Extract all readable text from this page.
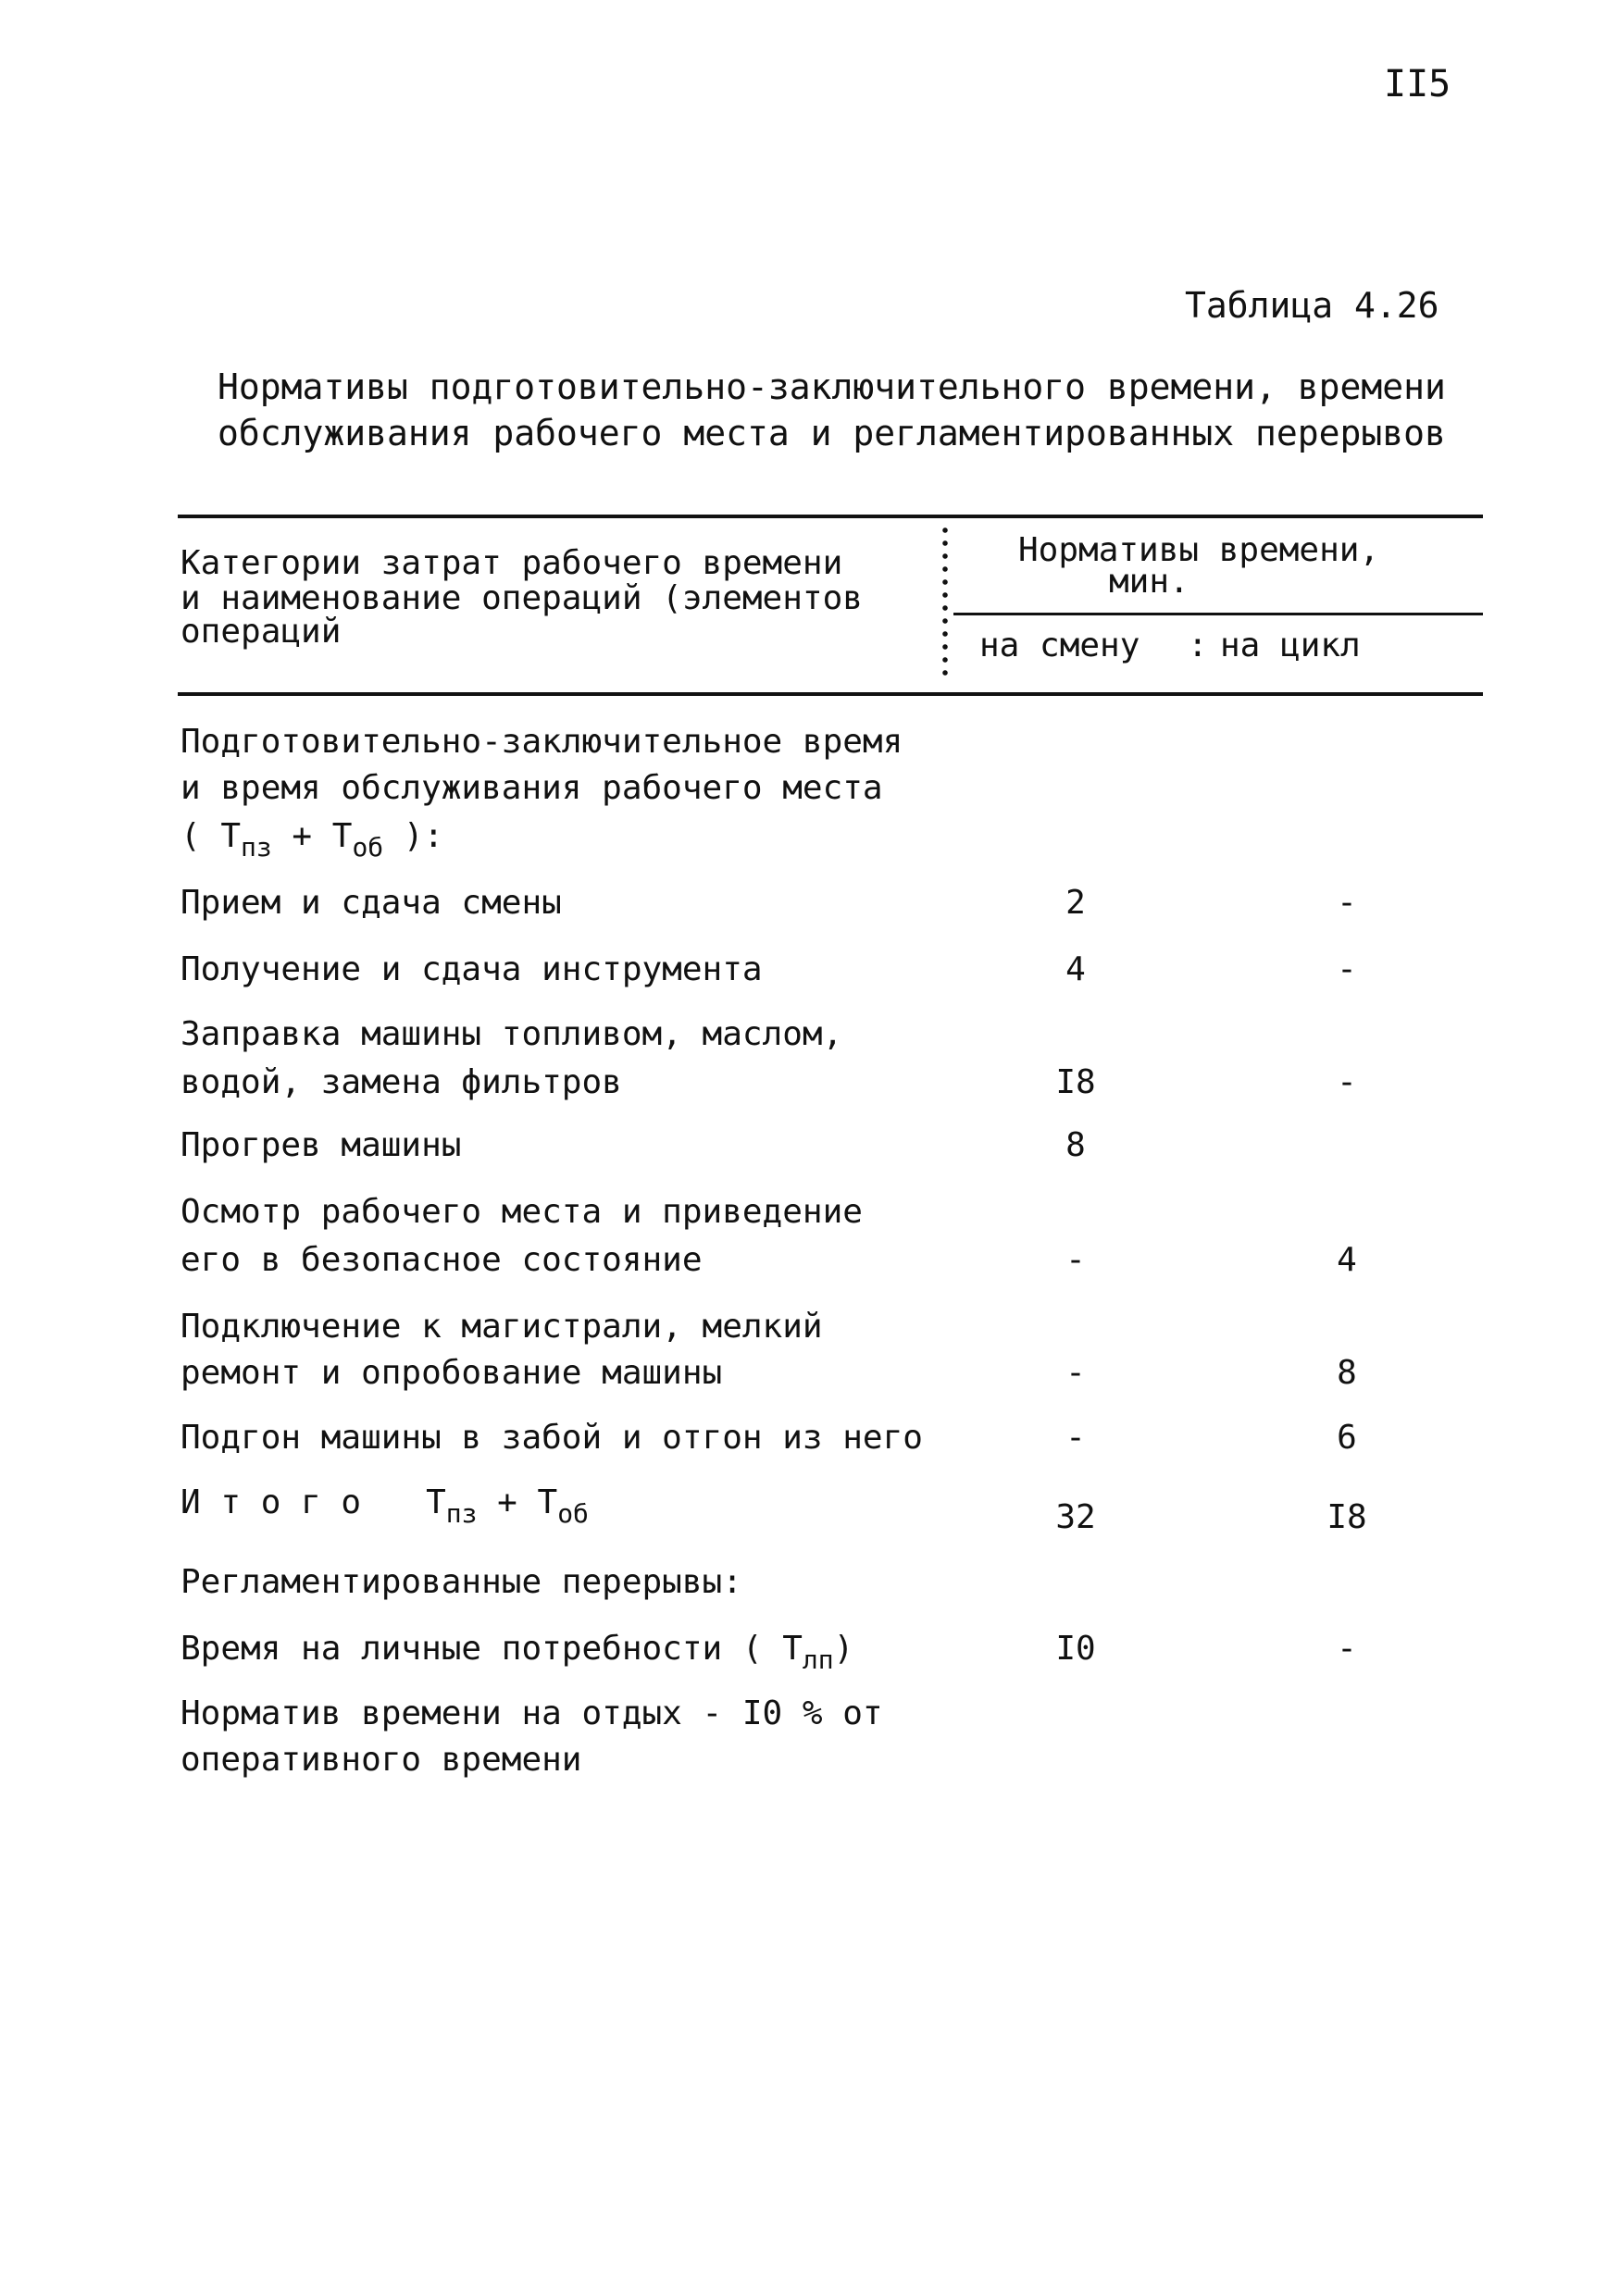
II5
Таблица 4.26
Нормативы подготовительно-заключительного времени, времени
обслуживания рабочего места и регламентированных перерывов
Категории затрат рабочего времени
и наименование операций (элементов
операций
Нормативы времени,
мин.
на смену : на цикл
Подготовительно-заключительное время
и время обслуживания рабочего места
( $Т_{пз} + Т_{об}$ ):
Прием и сдача смены	2	-
Получение и сдача инструмента	4	-
Заправка машины топливом, маслом,
водой, замена фильтров	I8	-
Прогрев машины	8
Осмотр рабочего места и приведение
его в безопасное состояние	-	4
Подключение к магистрали, мелкий
ремонт и опробование машины	-	8
Подгон машины в забой и отгон из него	-	6
И т о г о $Т_{пз} + Т_{об}$	32	I8
Регламентированные перерывы:
Время на личные потребности ( $Т_{лп}$)	I0	-
Норматив времени на отдых - I0 % от
оперативного времени
